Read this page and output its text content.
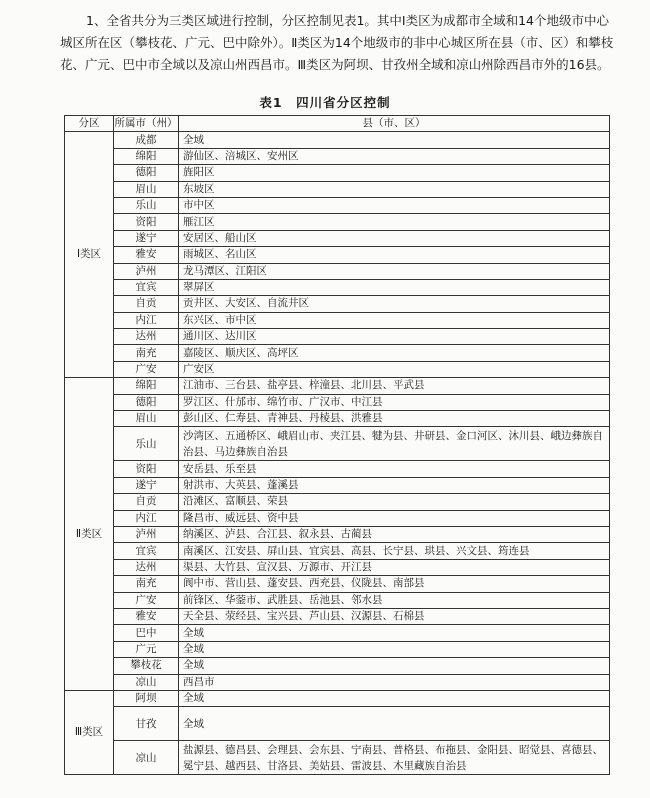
1、全省共分为三类区域进行控制，分区控制见表1。其中Ⅰ类区为成都市全域和14个地级市中心城区所在区（攀枝花、广元、巴中除外）。Ⅱ类区为14个地级市的非中心城区所在县（市、区）和攀枝花、广元、巴中市全域以及凉山州西昌市。Ⅲ类区为阿坝、甘孜州全域和凉山州除西昌市外的16县。
表1　四川省分区控制
分区	所属市（州）	县（市、区）
Ⅰ类区	成都	全域
	绵阳	游仙区、涪城区、安州区
	德阳	旌阳区
	眉山	东坡区
	乐山	市中区
	资阳	雁江区
	遂宁	安居区、船山区
	雅安	雨城区、名山区
	泸州	龙马潭区、江阳区
	宜宾	翠屏区
	自贡	贡井区、大安区、自流井区
	内江	东兴区、市中区
	达州	通川区、达川区
	南充	嘉陵区、顺庆区、高坪区
	广安	广安区
Ⅱ类区	绵阳	江油市、三台县、盐亭县、梓潼县、北川县、平武县
	德阳	罗江区、什邡市、绵竹市、广汉市、中江县
	眉山	彭山区、仁寿县、青神县、丹棱县、洪雅县
	乐山	沙湾区、五通桥区、峨眉山市、夹江县、犍为县、井研县、金口河区、沐川县、峨边彝族自治县、马边彝族自治县
	资阳	安岳县、乐至县
	遂宁	射洪市、大英县、蓬溪县
	自贡	沿滩区、富顺县、荣县
	内江	隆昌市、威远县、资中县
	泸州	纳溪区、泸县、合江县、叙永县、古蔺县
	宜宾	南溪区、江安县、屏山县、宜宾县、高县、长宁县、珙县、兴文县、筠连县
	达州	渠县、大竹县、宣汉县、万源市、开江县
	南充	阆中市、营山县、蓬安县、西充县、仪陇县、南部县
	广安	前锋区、华蓥市、武胜县、岳池县、邻水县
	雅安	天全县、荥经县、宝兴县、芦山县、汉源县、石棉县
	巴中	全域
	广元	全域
	攀枝花	全域
	凉山	西昌市
Ⅲ类区	阿坝	全域
	甘孜	全域
	凉山	盐源县、德昌县、会理县、会东县、宁南县、普格县、布拖县、金阳县、昭觉县、喜德县、冕宁县、越西县、甘洛县、美姑县、雷波县、木里藏族自治县
